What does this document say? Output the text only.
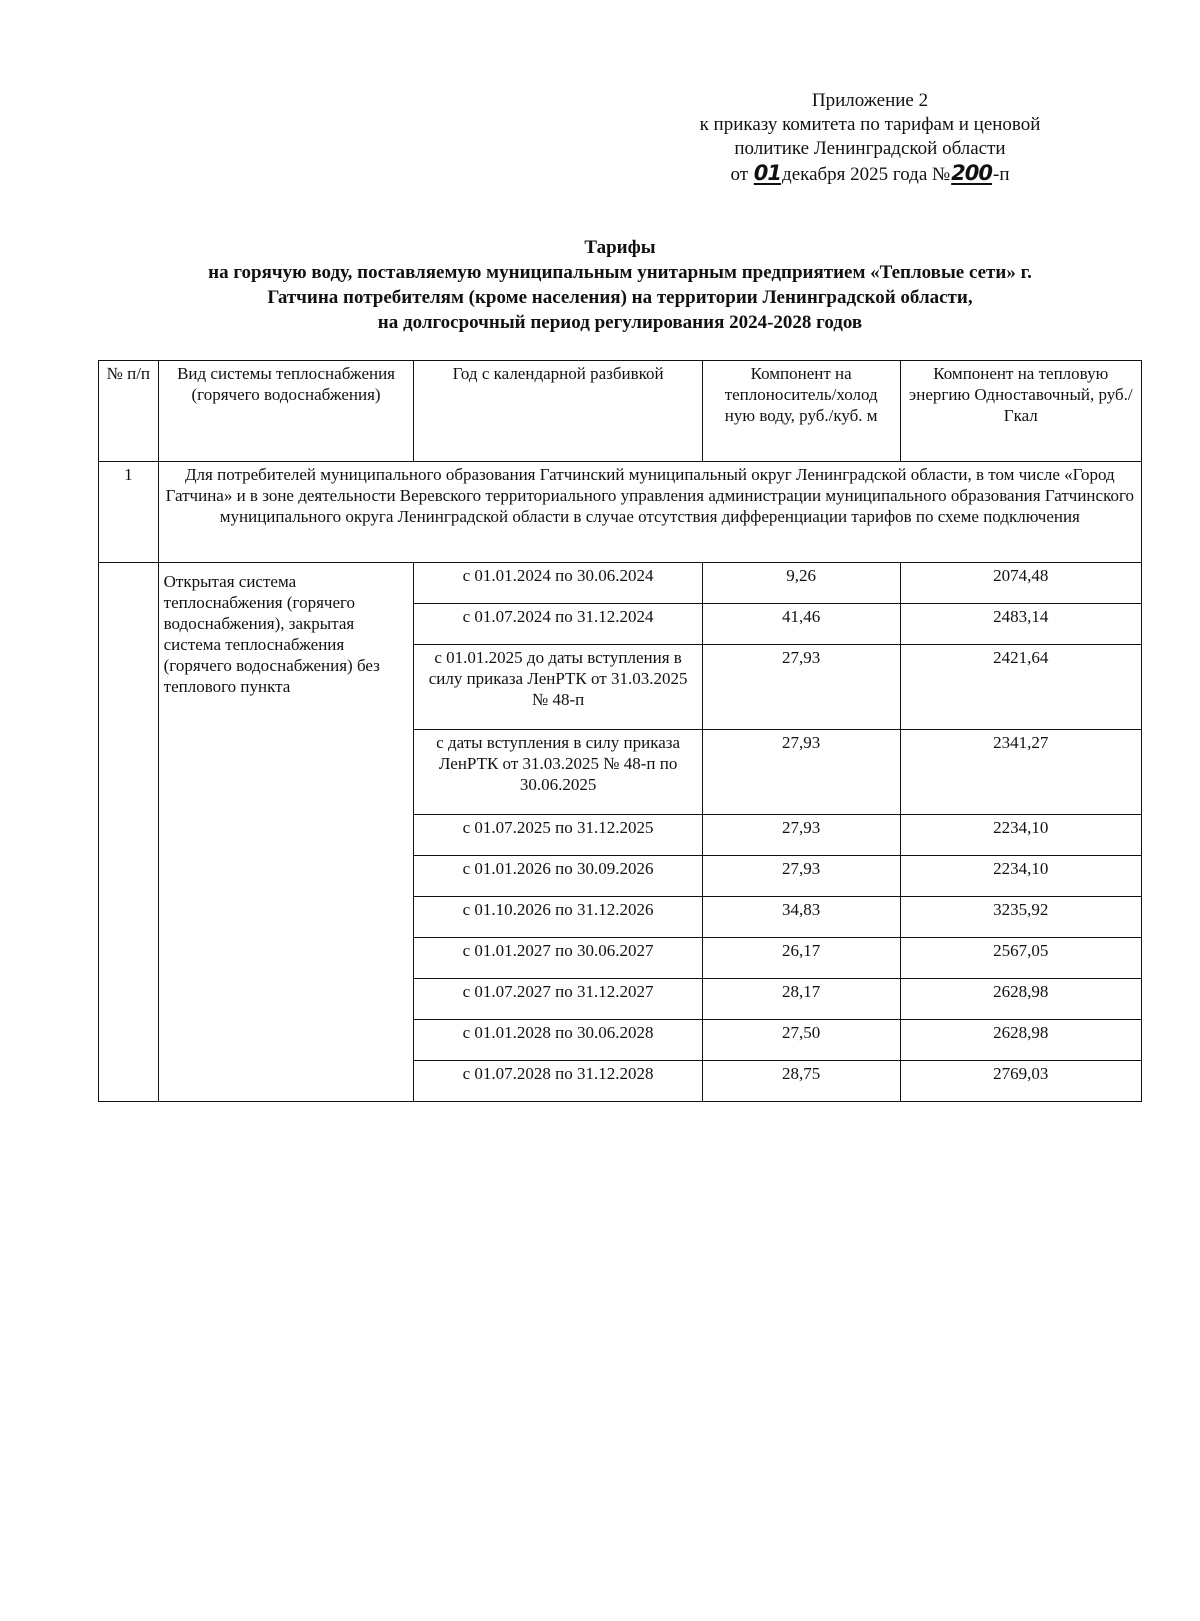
Приложение 2
к приказу комитета по тарифам и ценовой
политике Ленинградской области
от 01декабря 2025 года №200-п
Тарифы
на горячую воду, поставляемую муниципальным унитарным предприятием «Тепловые сети» г.
Гатчина потребителям (кроме населения) на территории Ленинградской области,
на долгосрочный период регулирования 2024-2028 годов
№ п/п	Вид системы теплоснабжения (горячего водоснабжения)	Год с календарной разбивкой	Компонент на теплоноситель/холод ную воду, руб./куб. м	Компонент на тепловую энергию Одноставочный, руб./Гкал
1	Для потребителей муниципального образования Гатчинский муниципальный округ Ленинградской области, в том числе «Город Гатчина» и в зоне деятельности Веревского территориального управления администрации муниципального образования Гатчинского муниципального округа Ленинградской области в случае отсутствия дифференциации тарифов по схеме подключения			
	Открытая система теплоснабжения (горячего водоснабжения), закрытая система теплоснабжения (горячего водоснабжения) без теплового пункта	с 01.01.2024 по 30.06.2024	9,26	2074,48
		с 01.07.2024 по 31.12.2024	41,46	2483,14
		с 01.01.2025 до даты вступления в силу приказа ЛенРТК от 31.03.2025 № 48-п	27,93	2421,64
		с даты вступления в силу приказа ЛенРТК от 31.03.2025 № 48-п по 30.06.2025	27,93	2341,27
		с 01.07.2025 по 31.12.2025	27,93	2234,10
		с 01.01.2026 по 30.09.2026	27,93	2234,10
		с 01.10.2026 по 31.12.2026	34,83	3235,92
		с 01.01.2027 по 30.06.2027	26,17	2567,05
		с 01.07.2027 по 31.12.2027	28,17	2628,98
		с 01.01.2028 по 30.06.2028	27,50	2628,98
		с 01.07.2028 по 31.12.2028	28,75	2769,03
